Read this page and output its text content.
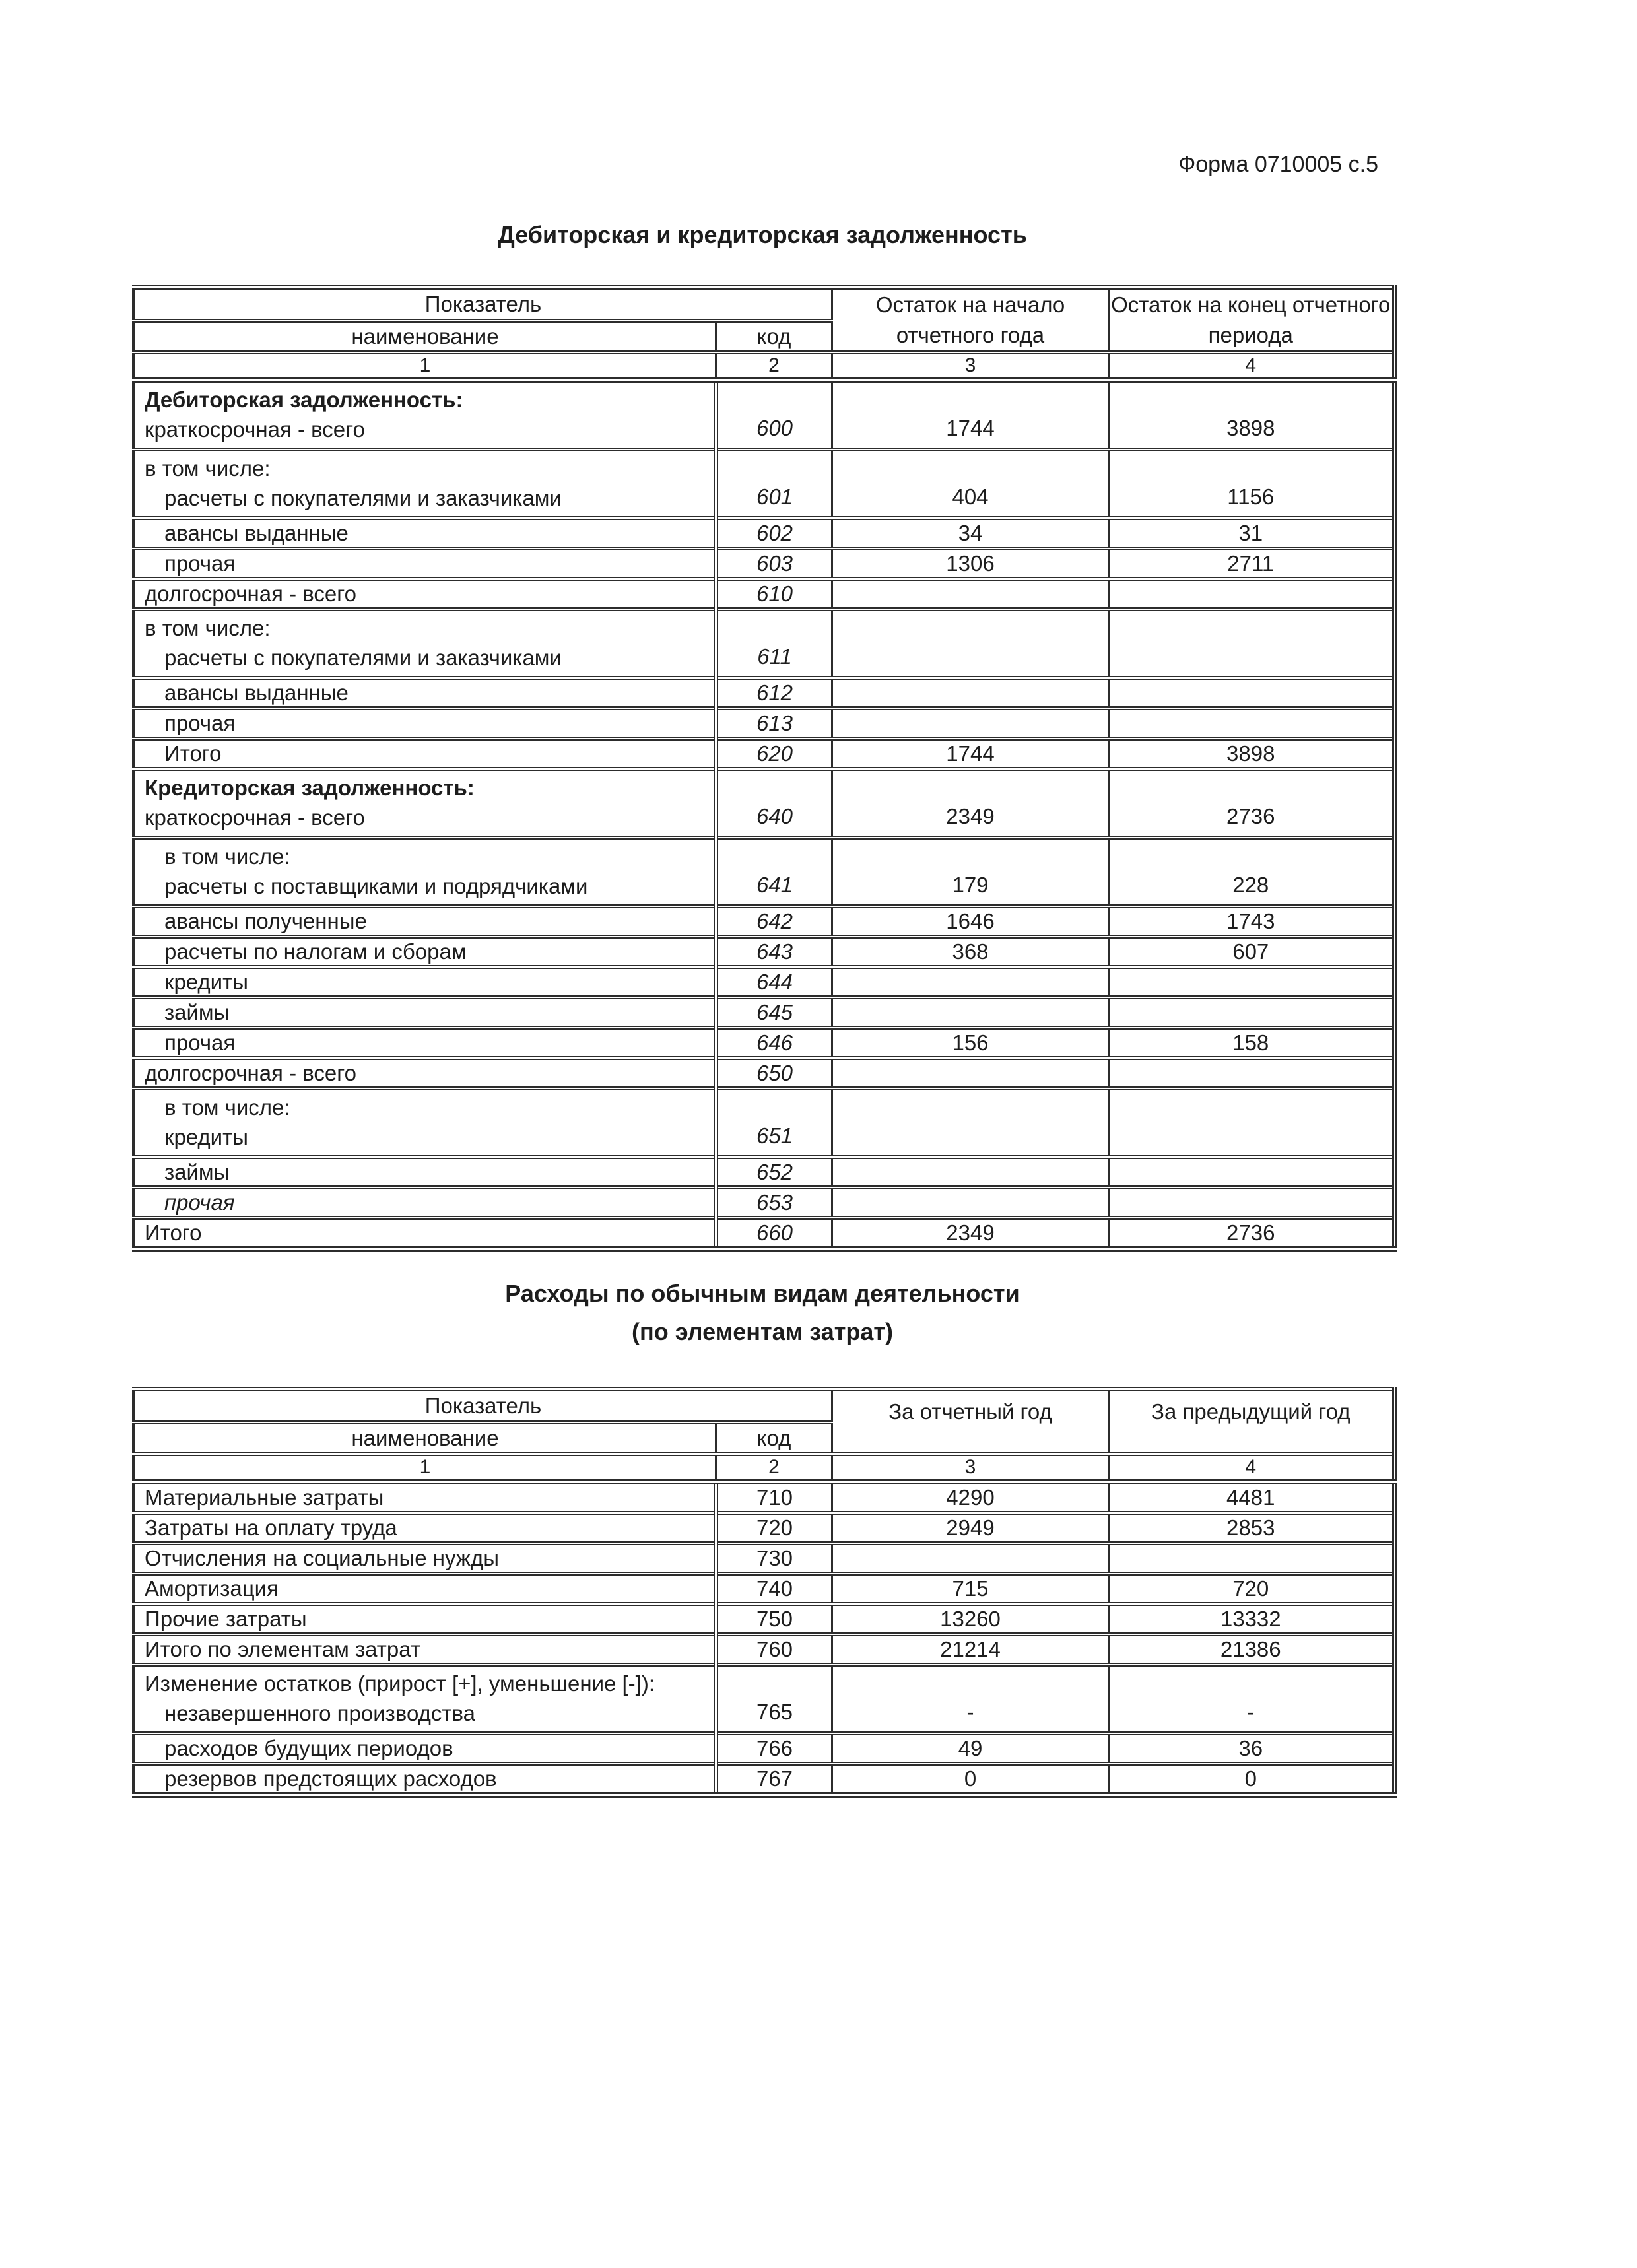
Форма 0710005 с.5
Дебиторская и кредиторская задолженность
Показатель		Остаток на начало отчетного года	Остаток на конец отчетного периода
наименование	код		
1	2	3	4

Дебиторская задолженность:
краткосрочная - всего	600	1744	3898

в том числе:
расчеты с покупателями и заказчиками	601	404	1156

авансы выданные	602	34	31

прочая	603	1306	2711

долгосрочная - всего	610		

в том числе:
расчеты с покупателями и заказчиками	611		

авансы выданные	612		

прочая	613		

Итого	620	1744	3898

Кредиторская задолженность:
краткосрочная - всего	640	2349	2736

в том числе:
расчеты с поставщиками и подрядчиками	641	179	228

авансы полученные	642	1646	1743

расчеты по налогам и сборам	643	368	607

кредиты	644		

займы	645		

прочая	646	156	158

долгосрочная - всего	650		

в том числе:
кредиты	651		

займы	652		

прочая	653		

Итого	660	2349	2736
Расходы по обычным видам деятельности
(по элементам затрат)
Показатель		За отчетный год	За предыдущий год
наименование	код		
1	2	3	4

Материальные затраты	710	4290	4481

Затраты на оплату труда	720	2949	2853

Отчисления на социальные нужды	730		

Амортизация	740	715	720

Прочие затраты	750	13260	13332

Итого по элементам затрат	760	21214	21386

Изменение остатков (прирост [+], уменьшение [-]):
незавершенного производства	765	-	-

расходов будущих периодов	766	49	36

резервов предстоящих расходов	767	0	0
